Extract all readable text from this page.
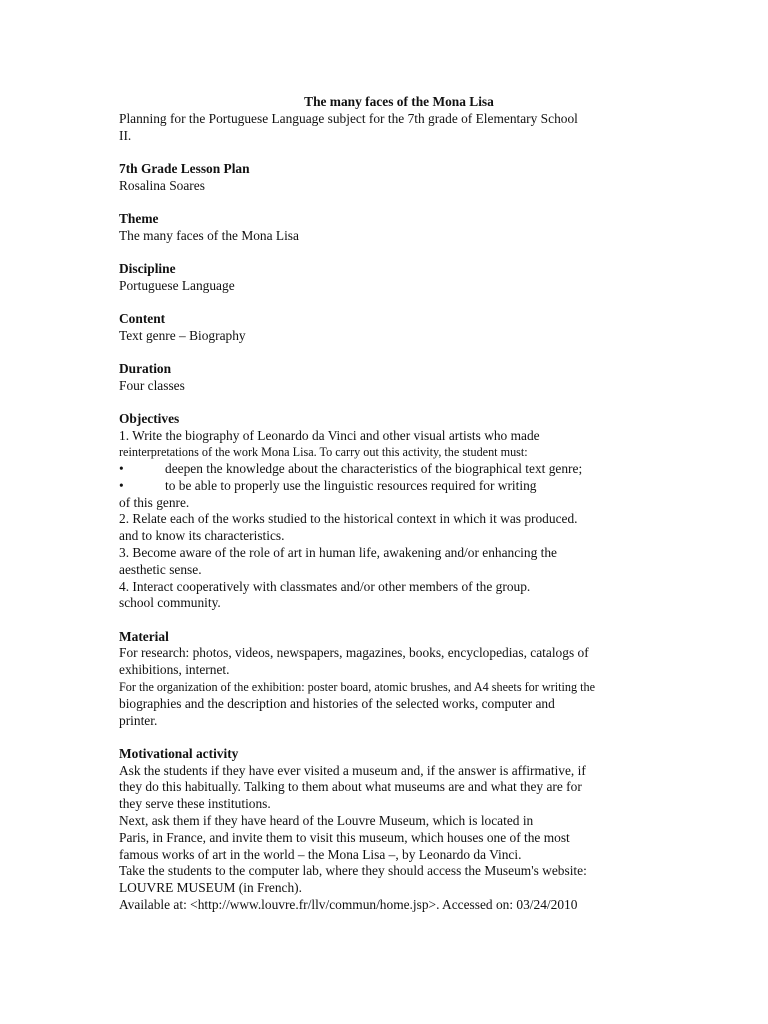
The many faces of the Mona Lisa
Planning for the Portuguese Language subject for the 7th grade of Elementary School
II.
7th Grade Lesson Plan
Rosalina Soares
Theme
The many faces of the Mona Lisa
Discipline
Portuguese Language
Content
Text genre – Biography
Duration
Four classes
Objectives
1. Write the biography of Leonardo da Vinci and other visual artists who made
reinterpretations of the work Mona Lisa. To carry out this activity, the student must:
•	deepen the knowledge about the characteristics of the biographical text genre;
•	to be able to properly use the linguistic resources required for writing
of this genre.
2. Relate each of the works studied to the historical context in which it was produced.
and to know its characteristics.
3. Become aware of the role of art in human life, awakening and/or enhancing the
aesthetic sense.
4. Interact cooperatively with classmates and/or other members of the group.
school community.
Material
For research: photos, videos, newspapers, magazines, books, encyclopedias, catalogs of
exhibitions, internet.
For the organization of the exhibition: poster board, atomic brushes, and A4 sheets for writing the
biographies and the description and histories of the selected works, computer and
printer.
Motivational activity
Ask the students if they have ever visited a museum and, if the answer is affirmative, if
they do this habitually. Talking to them about what museums are and what they are for
they serve these institutions.
Next, ask them if they have heard of the Louvre Museum, which is located in
Paris, in France, and invite them to visit this museum, which houses one of the most
famous works of art in the world – the Mona Lisa –, by Leonardo da Vinci.
Take the students to the computer lab, where they should access the Museum's website:
LOUVRE MUSEUM (in French).
Available at: <http://www.louvre.fr/llv/commun/home.jsp>. Accessed on: 03/24/2010
